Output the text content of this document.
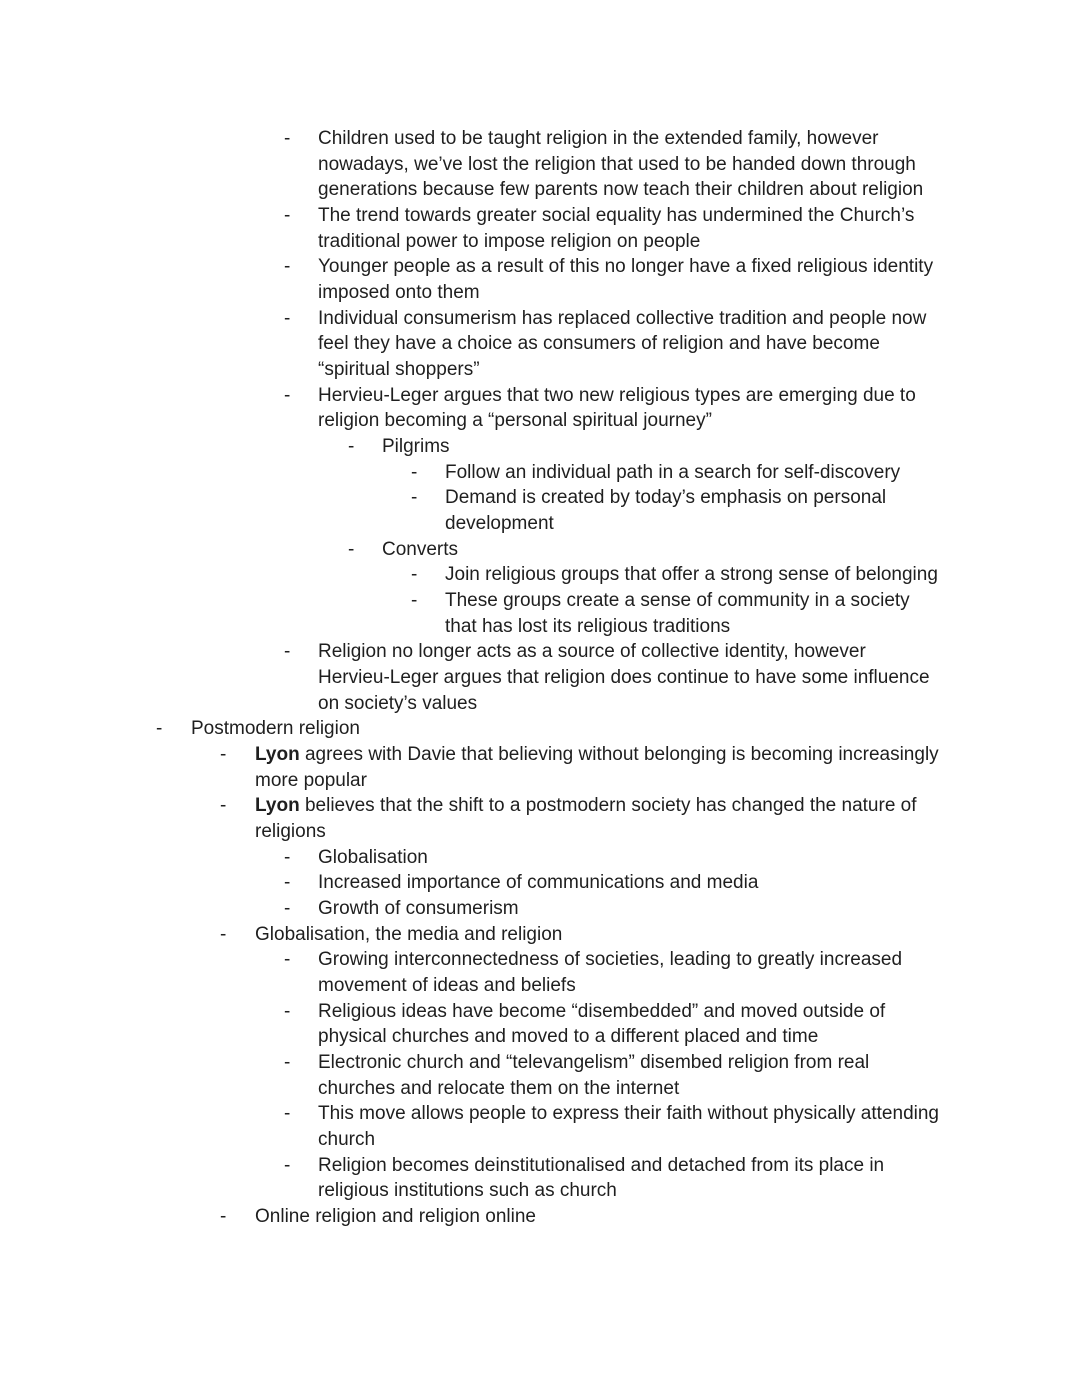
- Children used to be taught religion in the extended family, however
nowadays, we’ve lost the religion that used to be handed down through
generations because few parents now teach their children about religion
- The trend towards greater social equality has undermined the Church’s
traditional power to impose religion on people
- Younger people as a result of this no longer have a fixed religious identity
imposed onto them
- Individual consumerism has replaced collective tradition and people now
feel they have a choice as consumers of religion and have become
“spiritual shoppers”
- Hervieu-Leger argues that two new religious types are emerging due to
religion becoming a “personal spiritual journey”
- Pilgrims
- Follow an individual path in a search for self-discovery
- Demand is created by today’s emphasis on personal
development
- Converts
- Join religious groups that offer a strong sense of belonging
- These groups create a sense of community in a society
that has lost its religious traditions
- Religion no longer acts as a source of collective identity, however
Hervieu-Leger argues that religion does continue to have some influence
on society’s values
- Postmodern religion
- Lyon agrees with Davie that believing without belonging is becoming increasingly
more popular
- Lyon believes that the shift to a postmodern society has changed the nature of
religions
- Globalisation
- Increased importance of communications and media
- Growth of consumerism
- Globalisation, the media and religion
- Growing interconnectedness of societies, leading to greatly increased
movement of ideas and beliefs
- Religious ideas have become “disembedded” and moved outside of
physical churches and moved to a different placed and time
- Electronic church and “televangelism” disembed religion from real
churches and relocate them on the internet
- This move allows people to express their faith without physically attending
church
- Religion becomes deinstitutionalised and detached from its place in
religious institutions such as church
- Online religion and religion online
